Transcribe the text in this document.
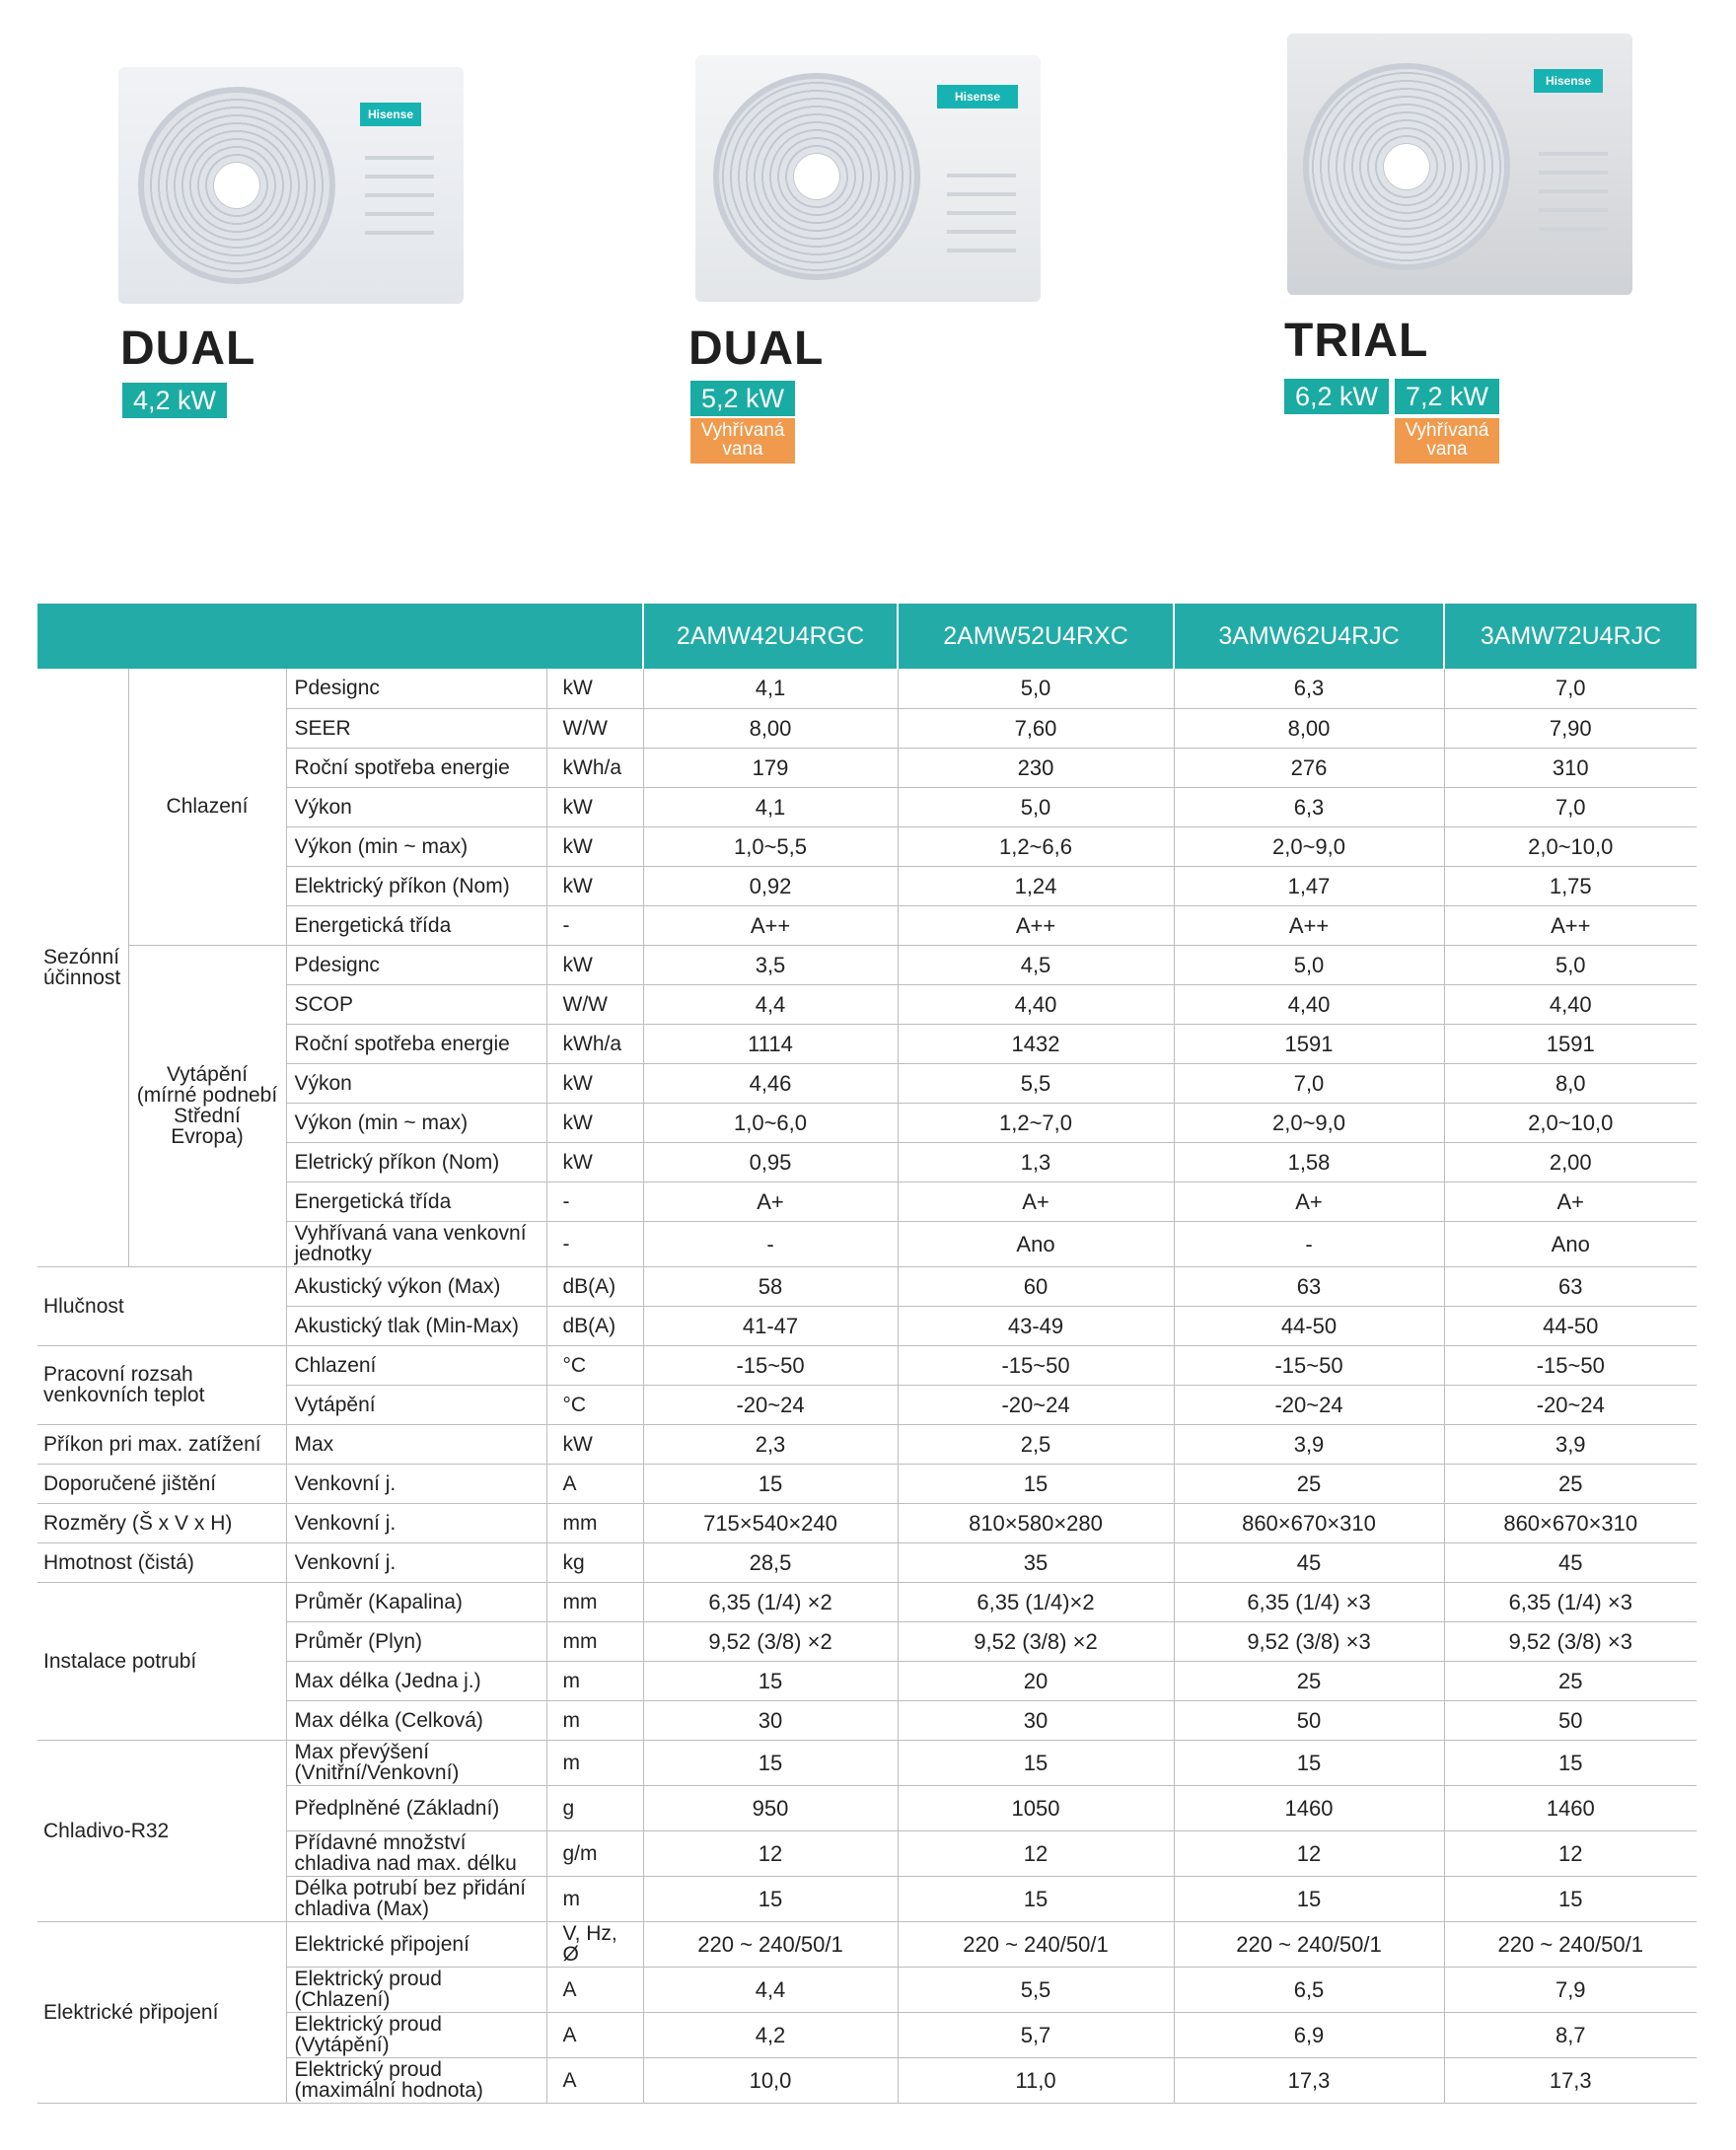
Hisense
DUAL
4,2 kW
Hisense
DUAL
5,2 kW
Vyhřívaná vana
Hisense
TRIAL
6,2 kW	7,2 kW
Vyhřívaná vana
				2AMW42U4RGC	2AMW52U4RXC	3AMW62U4RJC	3AMW72U4RJC
Sezónní účinnost	Chlazení	Pdesignc	kW	4,1	5,0	6,3	7,0
		SEER	W/W	8,00	7,60	8,00	7,90
		Roční spotřeba energie	kWh/a	179	230	276	310
		Výkon	kW	4,1	5,0	6,3	7,0
		Výkon (min ~ max)	kW	1,0~5,5	1,2~6,6	2,0~9,0	2,0~10,0
		Elektrický příkon (Nom)	kW	0,92	1,24	1,47	1,75
		Energetická třída	-	A++	A++	A++	A++
	Vytápění (mírné podnebí Střední Evropa)	Pdesignc	kW	3,5	4,5	5,0	5,0
		SCOP	W/W	4,4	4,40	4,40	4,40
		Roční spotřeba energie	kWh/a	1114	1432	1591	1591
		Výkon	kW	4,46	5,5	7,0	8,0
		Výkon (min ~ max)	kW	1,0~6,0	1,2~7,0	2,0~9,0	2,0~10,0
		Eletrický příkon (Nom)	kW	0,95	1,3	1,58	2,00
		Energetická třída	-	A+	A+	A+	A+
		Vyhřívaná vana venkovní jednotky	-	-	Ano	-	Ano
Hlučnost		Akustický výkon (Max)	dB(A)	58	60	63	63
		Akustický tlak (Min-Max)	dB(A)	41-47	43-49	44-50	44-50
Pracovní rozsah venkovních teplot		Chlazení	°C	-15~50	-15~50	-15~50	-15~50
		Vytápění	°C	-20~24	-20~24	-20~24	-20~24
Příkon pri max. zatížení		Max	kW	2,3	2,5	3,9	3,9
Doporučené jištění		Venkovní j.	A	15	15	25	25
Rozměry (Š x V x H)		Venkovní j.	mm	715×540×240	810×580×280	860×670×310	860×670×310
Hmotnost (čistá)		Venkovní j.	kg	28,5	35	45	45
Instalace potrubí		Průměr (Kapalina)	mm	6,35 (1/4) ×2	6,35 (1/4)×2	6,35 (1/4) ×3	6,35 (1/4) ×3
		Průměr (Plyn)	mm	9,52 (3/8) ×2	9,52 (3/8) ×2	9,52 (3/8) ×3	9,52 (3/8) ×3
		Max délka (Jedna j.)	m	15	20	25	25
		Max délka (Celková)	m	30	30	50	50
Chladivo-R32		Max převýšení (Vnitřní/Venkovní)	m	15	15	15	15
		Předplněné (Základní)	g	950	1050	1460	1460
		Přídavné množství chladiva nad max. délku	g/m	12	12	12	12
		Délka potrubí bez přidání chladiva (Max)	m	15	15	15	15
Elektrické připojení		Elektrické připojení	V, Hz, Ø	220 ~ 240/50/1	220 ~ 240/50/1	220 ~ 240/50/1	220 ~ 240/50/1
		Elektrický proud (Chlazení)	A	4,4	5,5	6,5	7,9
		Elektrický proud (Vytápění)	A	4,2	5,7	6,9	8,7
		Elektrický proud (maximální hodnota)	A	10,0	11,0	17,3	17,3
